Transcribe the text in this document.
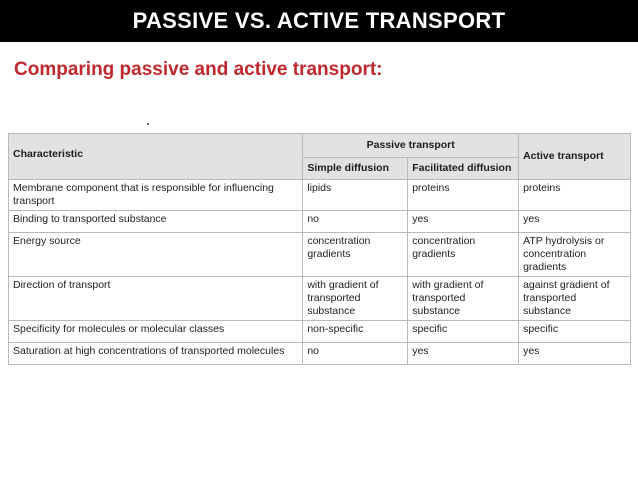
PASSIVE VS. ACTIVE TRANSPORT
Comparing passive and active transport:
Characteristic	Passive transport		Active transport
	Simple diffusion	Facilitated diffusion	
Membrane component that is responsible for influencing transport	lipids	proteins	proteins
Binding to transported substance	no	yes	yes
Energy source	concentration gradients	concentration gradients	ATP hydrolysis or concentration gradients
Direction of transport	with gradient of transported substance	with gradient of transported substance	against gradient of transported substance
Specificity for molecules or molecular classes	non-specific	specific	specific
Saturation at high concentrations of transported molecules	no	yes	yes
